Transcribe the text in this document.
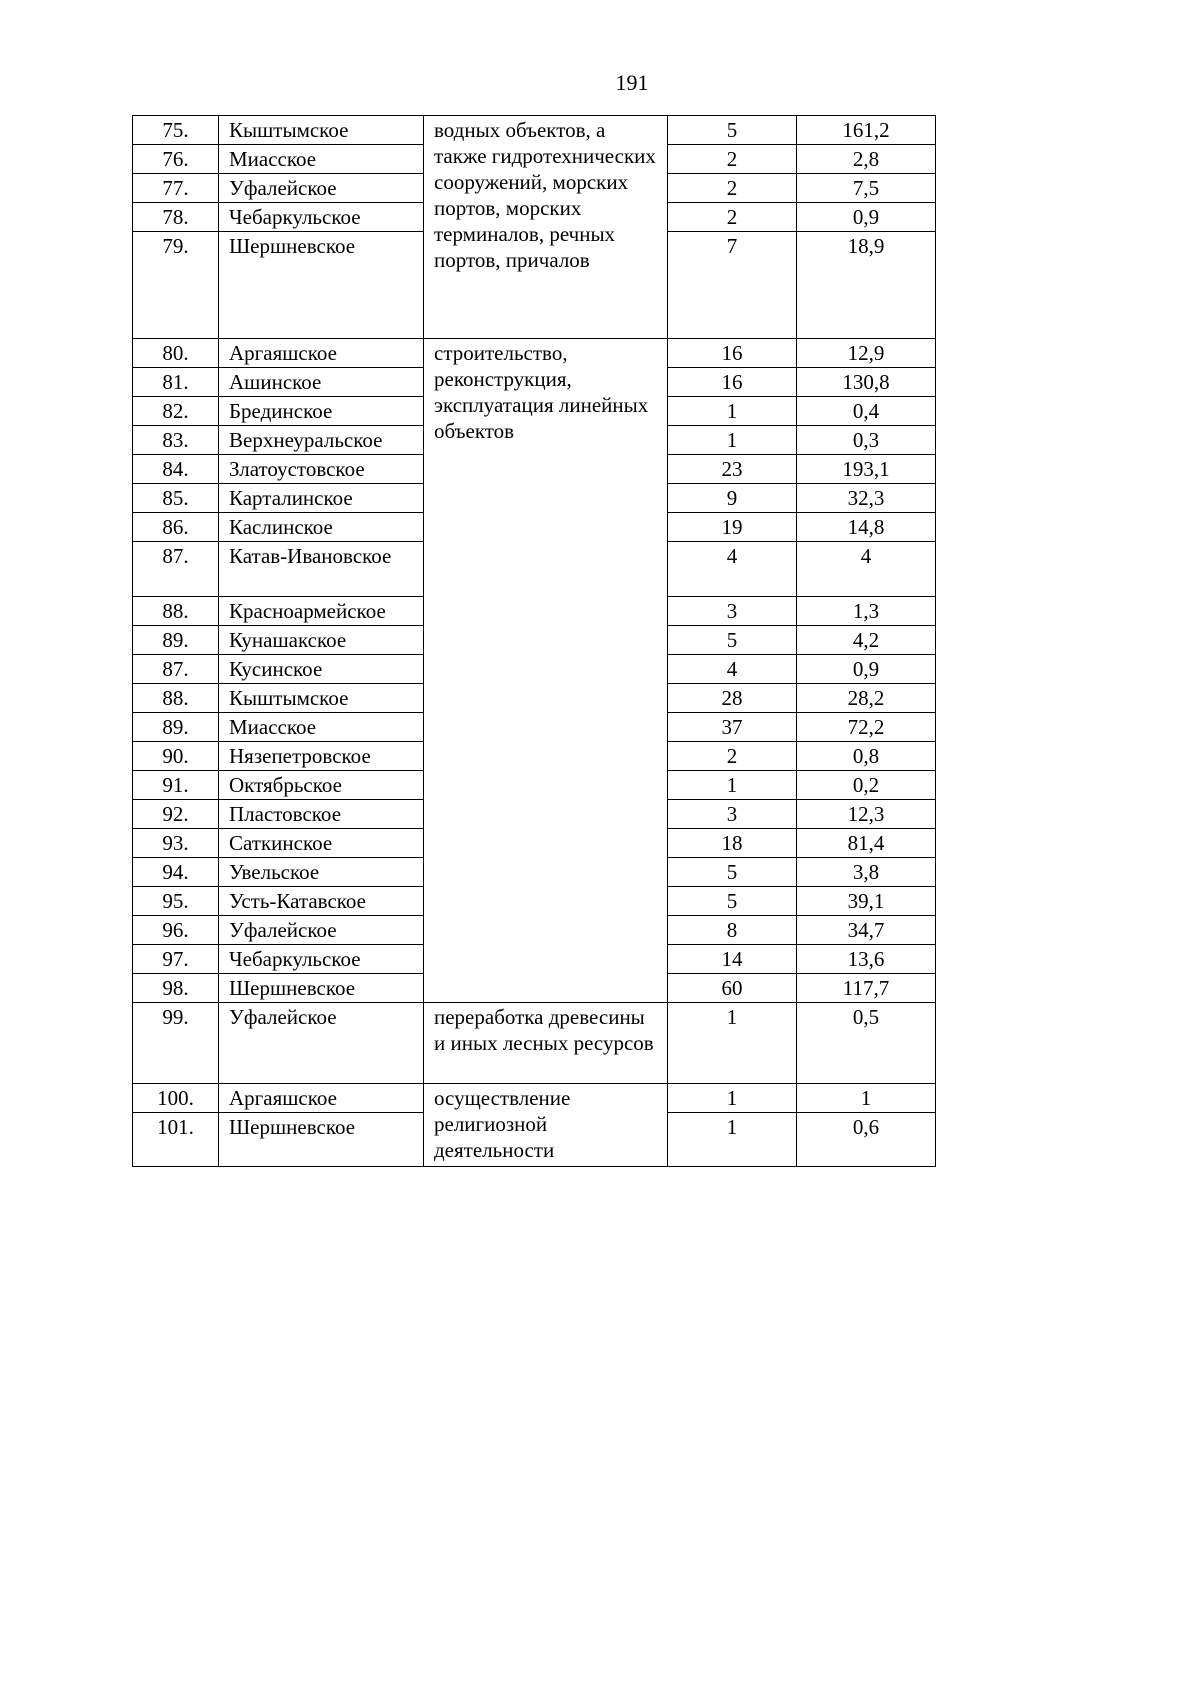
191
75.	Кыштымское	водных объектов, а также гидротехнических сооружений, морских портов, морских терминалов, речных портов, причалов	5	161,2
76.	Миасское		2	2,8
77.	Уфалейское		2	7,5
78.	Чебаркульское		2	0,9
79.	Шершневское		7	18,9
80.	Аргаяшское	строительство, реконструкция, эксплуатация линейных объектов	16	12,9
81.	Ашинское		16	130,8
82.	Брединское		1	0,4
83.	Верхнеуральское		1	0,3
84.	Златоустовское		23	193,1
85.	Карталинское		9	32,3
86.	Каслинское		19	14,8
87.	Катав-Ивановское		4	4
88.	Красноармейское		3	1,3
89.	Кунашакское		5	4,2
87.	Кусинское		4	0,9
88.	Кыштымское		28	28,2
89.	Миасское		37	72,2
90.	Нязепетровское		2	0,8
91.	Октябрьское		1	0,2
92.	Пластовское		3	12,3
93.	Саткинское		18	81,4
94.	Увельское		5	3,8
95.	Усть-Катавское		5	39,1
96.	Уфалейское		8	34,7
97.	Чебаркульское		14	13,6
98.	Шершневское		60	117,7
99.	Уфалейское	переработка древесины и иных лесных ресурсов	1	0,5
100.	Аргаяшское	осуществление религиозной деятельности	1	1
101.	Шершневское		1	0,6
